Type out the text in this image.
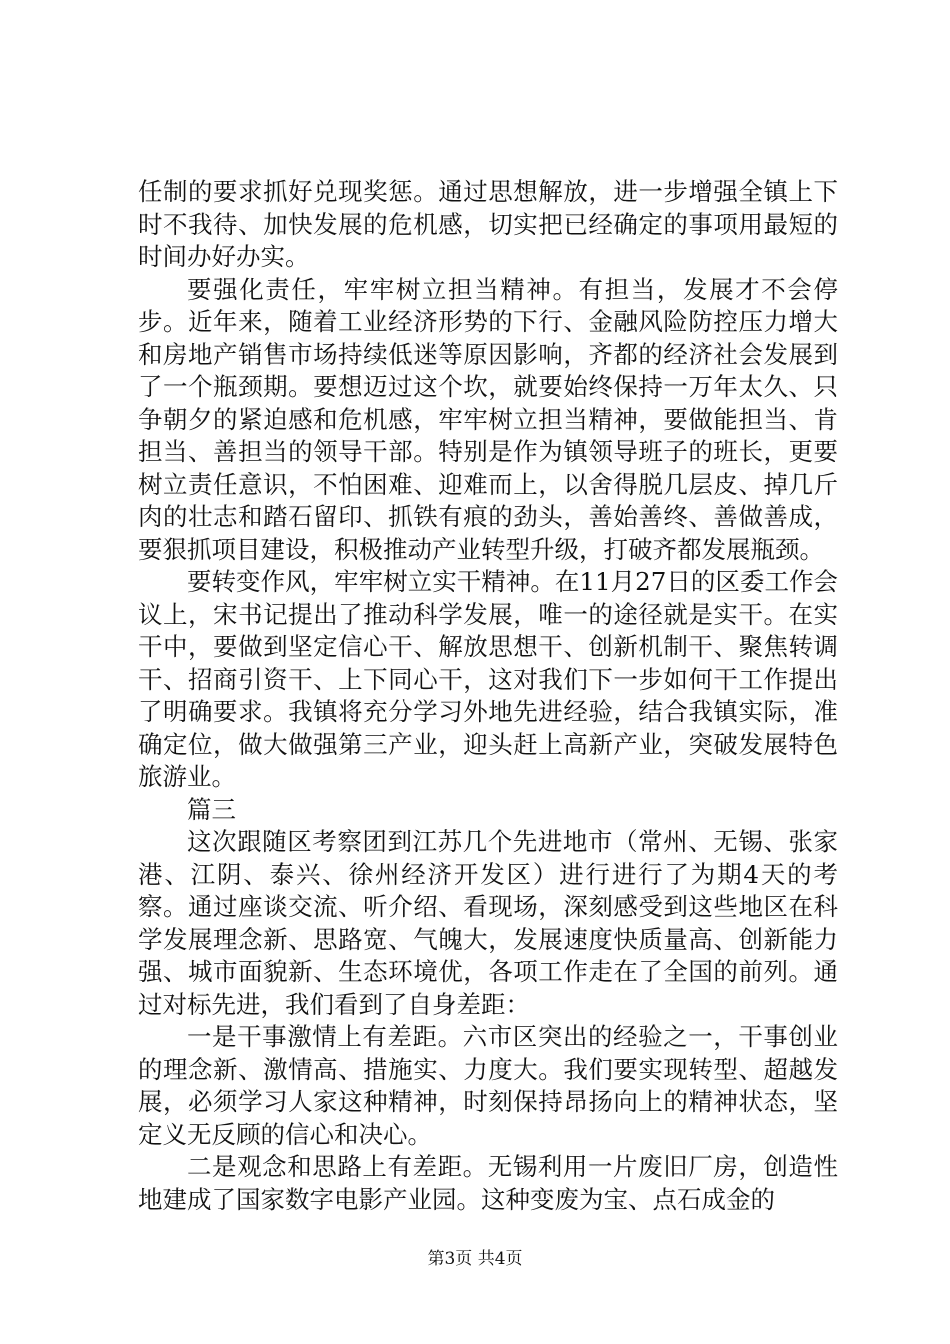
任制的要求抓好兑现奖惩。通过思想解放，进一步增强全镇上下时不我待、加快发展的危机感，切实把已经确定的事项用最短的时间办好办实。

要强化责任，牢牢树立担当精神。有担当，发展才不会停步。近年来，随着工业经济形势的下行、金融风险防控压力增大和房地产销售市场持续低迷等原因影响，齐都的经济社会发展到了一个瓶颈期。要想迈过这个坎，就要始终保持一万年太久、只争朝夕的紧迫感和危机感，牢牢树立担当精神，要做能担当、肯担当、善担当的领导干部。特别是作为镇领导班子的班长，更要树立责任意识，不怕困难、迎难而上，以舍得脱几层皮、掉几斤肉的壮志和踏石留印、抓铁有痕的劲头，善始善终、善做善成，要狠抓项目建设，积极推动产业转型升级，打破齐都发展瓶颈。

要转变作风，牢牢树立实干精神。在11月27日的区委工作会议上，宋书记提出了推动科学发展，唯一的途径就是实干。在实干中，要做到坚定信心干、解放思想干、创新机制干、聚焦转调干、招商引资干、上下同心干，这对我们下一步如何干工作提出了明确要求。我镇将充分学习外地先进经验，结合我镇实际，准确定位，做大做强第三产业，迎头赶上高新产业，突破发展特色旅游业。

篇三

这次跟随区考察团到江苏几个先进地市（常州、无锡、张家港、江阴、泰兴、徐州经济开发区）进行进行了为期4天的考察。通过座谈交流、听介绍、看现场，深刻感受到这些地区在科学发展理念新、思路宽、气魄大，发展速度快质量高、创新能力强、城市面貌新、生态环境优，各项工作走在了全国的前列。通过对标先进，我们看到了自身差距：

一是干事激情上有差距。六市区突出的经验之一，干事创业的理念新、激情高、措施实、力度大。我们要实现转型、超越发展，必须学习人家这种精神，时刻保持昂扬向上的精神状态，坚定义无反顾的信心和决心。

二是观念和思路上有差距。无锡利用一片废旧厂房，创造性地建成了国家数字电影产业园。这种变废为宝、点石成金的

第3页 共4页
